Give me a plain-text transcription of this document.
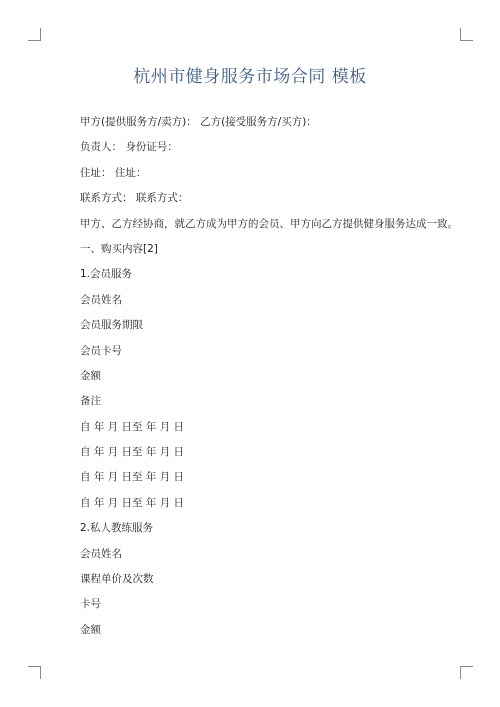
杭州市健身服务市场合同 模板
甲方(提供服务方/卖方)： 乙方(接受服务方/买方)：
负责人： 身份证号：
住址： 住址：
联系方式： 联系方式：
甲方、乙方经协商，就乙方成为甲方的会员、甲方向乙方提供健身服务达成一致。
一、购买内容[2]
1.会员服务
会员姓名
会员服务期限
会员卡号
金额
备注
自 年 月 日至 年 月 日
自 年 月 日至 年 月 日
自 年 月 日至 年 月 日
自 年 月 日至 年 月 日
2.私人教练服务
会员姓名
课程单价及次数
卡号
金额
